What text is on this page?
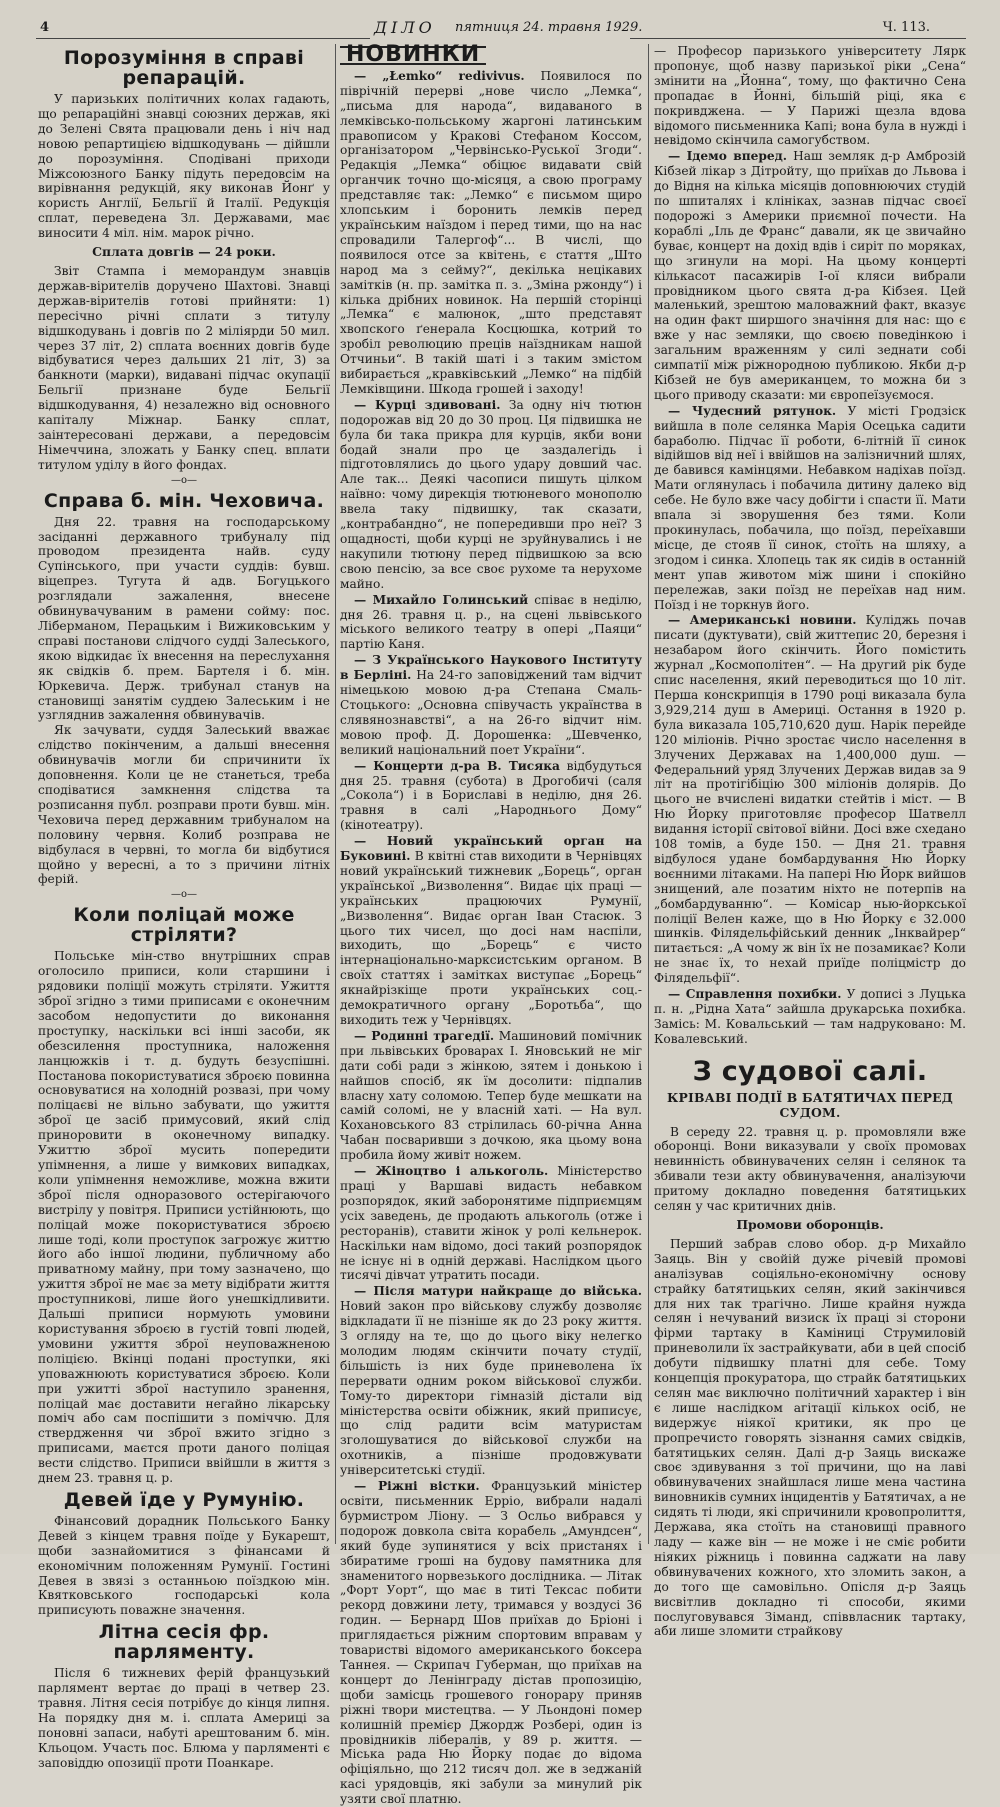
4	ДІЛО пятниця 24. травня 1929.	Ч. 113.
Порозуміння в справі репарацій.

У паризьких політичних колах гадають, що репараційні знавці союзних держав, які до Зелені Свята працювали день і ніч над новою репартицією відшкодувань — дійшли до порозуміння. Сподівані приходи Міжсоюзного Банку підуть передовсім на вирівнання редукцій, яку виконав Йонґ у користь Англії, Бельгії й Італії. Редукція сплат, переведена Зл. Державами, має виносити 4 міл. нім. марок річно.

Сплата довгів — 24 роки.

Звіт Стампа і меморандум знавців держав-вірителів доручено Шахтові. Знавці держав-вірителів готові прийняти: 1) пересічно річні сплати з титулу відшкодувань і довгів по 2 міліярди 50 мил. через 37 літ, 2) сплата воєнних довгів буде відбуватися через дальших 21 літ, 3) за банкноти (марки), видавані підчас окупації Бельгії признане буде Бельгії відшкодування, 4) незалежно від основного капіталу Міжнар. Банку сплат, заінтересовані держави, а передовсім Німеччина, зложать у Банку спец. вплати титулом уділу в його фондах.

—о—
Справа б. мін. Чеховича.

Дня 22. травня на господарському засіданні державного трибуналу під проводом президента найв. суду Супінського, при участи суддів: бувш. віцепрез. Тугута й адв. Богуцького розглядали зажалення, внесене обвинувачуваним в рамени сойму: пос. Ліберманом, Перацьким і Вижиковським у справі постанови слідчого судді Залеського, якою відкидає їх внесення на переслухання як свідків б. прем. Бартеля і б. мін. Юркевича. Держ. трибунал станув на становищі занятім суддею Залеським і не узгляднив зажалення обвинувачів.

Як зачувати, суддя Залеський вважає слідство покінченим, а дальші внесення обвинувачів могли би спричинити їх доповнення. Коли це не станеться, треба сподіватися замкнення слідства та розписання публ. розправи проти бувш. мін. Чеховича перед державним трибуналом на половину червня. Колиб розправа не відбулася в червні, то могла би відбутися щойно у вересні, а то з причини літніх ферій.

—о—
Коли поліцай може стріляти?

Польське мін-ство внутрішних справ оголосило приписи, коли старшини і рядовики поліції можуть стріляти. Ужиття зброї згідно з тими приписами є оконечним засобом недопустити до виконання проступку, наскільки всі інші засоби, як обезсилення проступника, наложення ланцюжків і т. д. будуть безуспішні. Постанова покористуватися зброєю повинна основуватися на холодній розвазі, при чому поліцаєві не вільно забувати, що ужиття зброї це засіб примусовий, який слід приноровити в оконечному випадку. Ужиттю зброї мусить попередити упімнення, а лише у вимкових випадках, коли упімнення неможливе, можна вжити зброї після одноразового остерігаючого вистрілу у повітря. Приписи устійнюють, що поліцай може покористуватися зброєю лише тоді, коли проступок загрожує життю його або іншої людини, публичному або приватному майну, при тому зазначено, що ужиття зброї не має за мету відібрати життя проступникові, лише його унешкідливити. Дальші приписи нормують умовини користування зброєю в густій товпі людей, умовини ужиття зброї неуповажненою поліцією. Вкінці подані проступки, які уповажнюють користуватися зброєю. Коли при ужитті зброї наступило зранення, поліцай має доставити негайно лікарську поміч або сам поспішити з поміччю. Для ствердження чи зброї вжито згідно з приписами, маєтся проти даного поліцая вести слідство. Приписи ввійшли в життя з днем 23. травня ц. р.

Девей їде у Румунію.

Фінансовий дорадник Польського Банку Девей з кінцем травня поїде у Букарешт, щоби зазнайомитися з фінансами й економічним положенням Румунії. Гостині Девея в звязі з останньою поїздкою мін. Квятковського господарські кола приписують поважне значення.

Літна сесія фр. парляменту.

Після 6 тижневих ферій французький парлямент вертає до праці в четвер 23. травня. Літня сесія потрібує до кінця липня. На порядку дня м. і. сплата Америці за поновні запаси, набуті арештованим б. мін. Кльоцом. Участь пос. Блюма у парляменті є заповіддю опозиції проти Поанкаре.

НОВИНКИ

— „Łemko“ redivivus. Появилося по піврічній перерві „нове число „Лемка“, „письма для народа“, видаваного в лемківсько-польському жаргоні латинським правописом у Кракові Стефаном Коссом, організатором „Червінсько-Руської Згоди“. Редакція „Лемка“ обіцює видавати свій органчик точно що-місяця, а свою програму представляє так: „Лемко“ є письмом щиро хлопським і боронить лемків перед українським наїздом і перед тими, що на нас спровадили Талергоф“... В числі, що появилося отсе за квітень, є стаття „Што народ ма з сейму?“, декілька нецікавих замітків (н. пр. замітка п. з. „Зміна ржонду“) і кілька дрібних новинок. На першій сторінці „Лемка“ є малюнок, „што представят хвопского ґенерала Косцюшка, котрий то зробіл революцию преців наїздникам нашой Отчиньи“. В такій шаті і з таким змістом вибирається „кравківський „Лемко“ на підбій Лемківщини. Шкода грошей і заходу!

— Курці здивовані. За одну ніч тютюн подорожав від 20 до 30 проц. Ця підвишка не була би така прикра для курців, якби вони бодай знали про це заздалегідь і підготовлялись до цього удару довший час. Але так... Деякі часописи пишуть цілком наївно: чому дирекція тютюневого монополю ввела таку підвишку, так сказати, „контрабандно“, не попередивши про неї? З ощадності, щоби курці не зруйнувались і не накупили тютюну перед підвишкою за всю свою пенсію, за все своє рухоме та нерухоме майно.

— Михайло Голинський співає в неділю, дня 26. травня ц. р., на сцені львівського міського великого театру в опері „Паяци“ партію Каня.

— З Українського Наукового Інституту в Берліні. На 24-го заповіджений там відчит німецькою мовою д-ра Степана Смаль-Стоцького: „Основна співучасть українства в слявянознавстві“, а на 26-го відчит нім. мовою проф. Д. Дорошенка: „Шевченко, великий національний поет України“.

— Концерти д-ра В. Тисяка відбудуться дня 25. травня (субота) в Дрогобичі (саля „Сокола“) і в Бориславі в неділю, дня 26. травня в салі „Народнього Дому“ (кінотеатру).

— Новий український орган на Буковині. В квітні став виходити в Чернівцях новий український тижневик „Борець“, орган української „Визволення“. Видає ціх праці — українських працюючих Румунії, „Визволення“. Видає орган Іван Стасюк. З цього тих чисел, що досі нам наспіли, виходить, що „Борець“ є чисто інтернаціонально-марксистським органом. В своїх статтях і замітках виступає „Борець“ якнайрізкіще проти українських соц.-демократичного органу „Боротьба“, що виходить теж у Чернівцях.

— Родинні трагедії. Машиновий помічник при львівських броварах І. Яновський не міг дати собі ради з жінкою, зятем і донькою і найшов спосіб, як їм досолити: підпалив власну хату соломою. Тепер буде мешкати на самій соломі, не у власній хаті. — На вул. Кохановського 83 стрілилась 60-річна Анна Чабан посваривши з дочкою, яка цьому вона пробила йому живіт ножем.

— Жіноцтво і алькоголь. Міністерство праці у Варшаві видасть небавком розпорядок, який заборонятиме підприємцям усіх заведень, де продають алькоголь (отже і ресторанів), ставити жінок у ролі кельнерок. Наскільки нам відомо, досі такий розпорядок не існує ні в одній державі. Наслідком цього тисячі дівчат утратить посади.

— Після матури найкраще до війська. Новий закон про військову службу дозволяє відкладати її не пізніше як до 23 року життя. З огляду на те, що до цього віку нелегко молодим людям скінчити почату студії, більшість із них буде приневолена їх перервати одним роком військової служби. Тому-то директори гімназій дістали від міністерства освіти обіжник, який приписує, що слід радити всім матуристам зголошуватися до військової служби на охотників, а пізніше продовжувати університетські студії.

— Ріжні вістки. Французький міністер освіти, письменник Ерріо, вибрали надалі бурмистром Ліону. — З Осльо вибрався у подорож довкола світа корабель „Амундсен“, який буде зупинятися у всіх пристанях і збиратиме гроші на будову памятника для знаменитого норвезького дослідника. — Літак „Форт Уорт“, що має в титі Тексас побити рекорд довжини лету, тримався у воздусі 36 годин. — Бернард Шов приїхав до Бріоні і приглядається ріжним спортовим вправам у товаристві відомого американського боксера Таннея. — Скрипач Губерман, що приїхав на концерт до Ленінграду дістав пропозицію, щоби замісць грошевого гонорару приняв ріжні твори мистецтва. — У Льондоні помер колишній премієр Джордж Розбері, один із провідників лібералів, у 89 р. життя. — Міська рада Ню Йорку подає до відома офіціяльно, що 212 тисяч дол. же в зеджаній касі урядовців, які забули за минулий рік узяти свої платню.

— Професор паризького університету Лярк пропонує, щоб назву паризької ріки „Сена“ змінити на „Йонна“, тому, що фактично Сена пропадає в Йонні, більшій ріці, яка є покривджена. — У Парижі щезла вдова відомого письменника Капі; вона була в нужді і невідомо скінчила самогубством.

— Ідемо вперед. Наш земляк д-р Амброзій Кібзей лікар з Дітройту, що приїхав до Львова і до Відня на кілька місяців доповнюючих студій по шпиталях і клініках, зазнав підчас своєї подорожі з Америки приємної почести. На кораблі „Іль де Франс“ давали, як це звичайно буває, концерт на дохід вдів і сиріт по моряках, що згинули на морі. На цьому концерті кількасот пасажирів І-ої кляси вибрали провідником цього свята д-ра Кібзея. Цей маленький, зрештою маловажний факт, вказує на один факт ширшого значіння для нас: що є вже у нас земляки, що своєю поведінкою і загальним враженням у силі зеднати собі симпатії між ріжнородною публикою. Якби д-р Кібзей не був американцем, то можна би з цього приводу сказати: ми європеїзуємося.

— Чудесний рятунок. У місті Гродзіск вийшла в поле селянка Марія Осецька садити бараболю. Підчас її роботи, 6-літній її синок відійшов від неї і ввійшов на залізничний шлях, де бавився камінцями. Небавком надіхав поїзд. Мати оглянулась і побачила дитину далеко від себе. Не було вже часу добігти і спасти її. Мати впала зі зворушення без тями. Коли прокинулась, побачила, що поїзд, переїхавши місце, де стояв її синок, стоїть на шляху, а згодом і синка. Хлопець так як сидів в останній мент упав животом між шини і спокійно перележав, заки поїзд не переїхав над ним. Поїзд і не торкнув його.

— Американські новини. Куліджь почав писати (дуктувати), свій життепис 20, березня і незабаром його скінчить. Його помістить журнал „Космополітен“. — На другий рік буде спис населення, який переводиться що 10 літ. Перша конскрипція в 1790 році виказала була 3,929,214 душ в Америці. Остання в 1920 р. була виказала 105,710,620 душ. Нарік перейде 120 міліонів. Річно зростає число населення в Злучених Державах на 1,400,000 душ. — Федеральний уряд Злучених Держав видав за 9 літ на протігібіцію 300 міліонів долярів. До цього не вчислені видатки стейтів і міст. — В Ню Йорку приготовляє професор Шатвелл видання історії світової війни. Досі вже схедано 108 томів, а буде 150. — Дня 21. травня відбулося удане бомбардування Ню Йорку воєнними літаками. На папері Ню Йорк вийшов знищений, але позатим ніхто не потерпів на „бомбардуванню“. — Комісар нью-йоркської поліції Велен каже, що в Ню Йорку є 32.000 шинків. Філядельфійський денник „Інквайрер“ питається: „А чому ж він їх не позамикає? Коли не знає їх, то нехай приїде поліцмістр до Філядельфії“.

— Справлення похибки. У дописі з Луцька п. н. „Рідна Хата“ зайшла друкарська похибка. Замісь: М. Ковальський — там надруковано: М. Ковалевський.

З судової салі.
КРІВАВІ ПОДІЇ В БАТЯТИЧАХ ПЕРЕД СУДОМ.

В середу 22. травня ц. р. промовляли вже оборонці. Вони виказували у своїх промовах невинність обвинувачених селян і селянок та збивали тези акту обвинувачення, аналізуючи притому докладно поведення батятицьких селян у час критичних днів.

Промови оборонців.

Перший забрав слово обор. д-р Михайло Заяць. Він у свойій дуже річевій промові аналізував соціяльно-економічну основу страйку батятицьких селян, який закінчився для них так трагічно. Лише крайня нужда селян і нечуваний визиск їх праці зі сторони фірми тартаку в Каміниці Струмиловій приневолили їх застрайкувати, аби в цей спосіб добути підвишку платні для себе. Тому концепція прокуратора, що страйк батятицьких селян має виключно політичний характер і він є лише наслідком агітації кількох осіб, не видержує ніякої критики, як про це пропречисто говорять зізнання самих свідків, батятицьких селян. Далі д-р Заяць вискаже своє здивування з тої причини, що на лаві обвинувачених знайшлася лише мена частина виновників сумних інцидентів у Батятичах, а не сидять ті люди, які спричинили кровопролиття, Держава, яка стоїть на становищі правного ладу — каже він — не може і не сміє робити ніяких ріжниць і повинна саджати на лаву обвинувачених кожного, хто зломить закон, а до того ще самовільно. Опісля д-р Заяць висвітлив докладно ті способи, якими послуговувався Зіманд, співвласник тартаку, аби лише зломити страйкову
